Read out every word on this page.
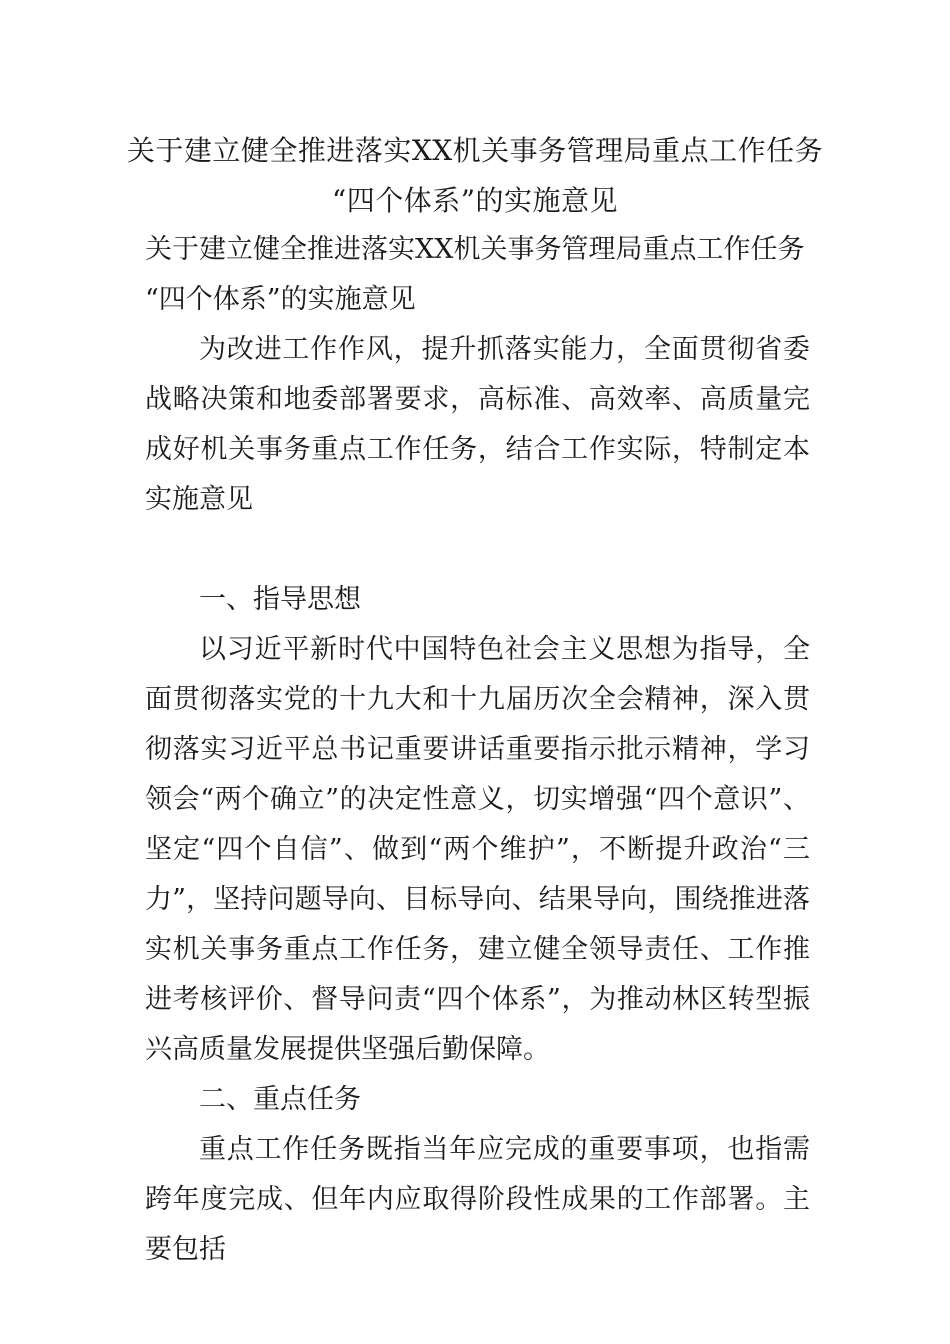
关于建立健全推进落实XX机关事务管理局重点工作任务
“四个体系”的实施意见

关于建立健全推进落实XX机关事务管理局重点工作任务

“四个体系”的实施意见

为改进工作作风，提升抓落实能力，全面贯彻省委战略决策和地委部署要求，高标准、高效率、高质量完成好机关事务重点工作任务，结合工作实际，特制定本实施意见

一、指导思想

以习近平新时代中国特色社会主义思想为指导，全面贯彻落实党的十九大和十九届历次全会精神，深入贯彻落实习近平总书记重要讲话重要指示批示精神，学习领会“两个确立”的决定性意义，切实增强“四个意识”、坚定“四个自信”、做到“两个维护”，不断提升政治“三力”，坚持问题导向、目标导向、结果导向，围绕推进落实机关事务重点工作任务，建立健全领导责任、工作推进考核评价、督导问责“四个体系”，为推动林区转型振兴高质量发展提供坚强后勤保障。

二、重点任务

重点工作任务既指当年应完成的重要事项，也指需跨年度完成、但年内应取得阶段性成果的工作部署。主要包括
